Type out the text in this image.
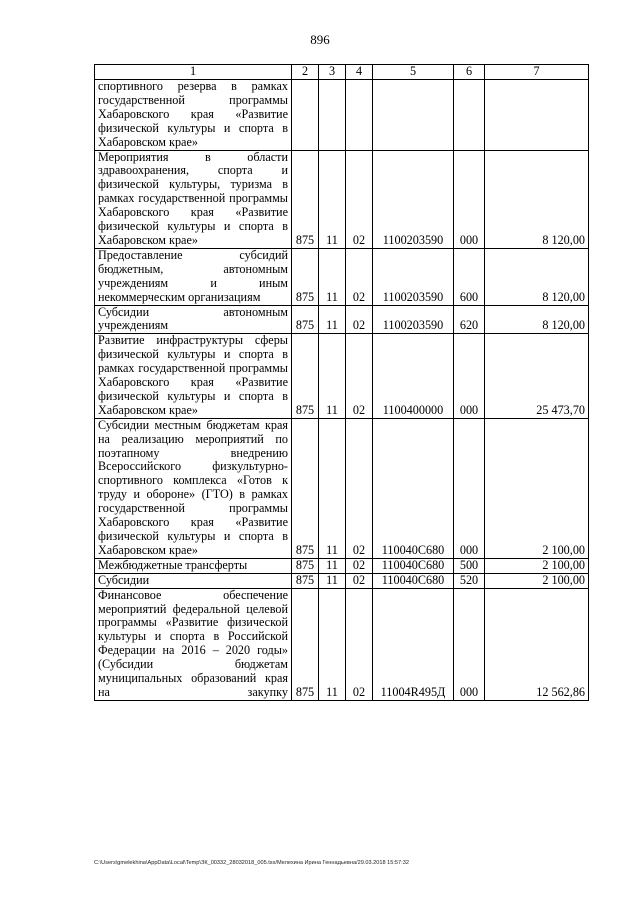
896
1	2	3	4	5	6	7
спортивного резерва в рамках государственной программы Хабаровского края «Развитие физической культуры и спорта в Хабаровском крае»						
Мероприятия в области здравоохранения, спорта и физической культуры, туризма в рамках государственной программы Хабаровского края «Развитие физической культуры и спорта в Хабаровском крае»	875	11	02	1100203590	000	8 120,00
Предоставление субсидий бюджетным, автономным учреждениям и иным некоммерческим организациям	875	11	02	1100203590	600	8 120,00
Субсидии автономным учреждениям	875	11	02	1100203590	620	8 120,00
Развитие инфраструктуры сферы физической культуры и спорта в рамках государственной программы Хабаровского края «Развитие физической культуры и спорта в Хабаровском крае»	875	11	02	1100400000	000	25 473,70
Субсидии местным бюджетам края на реализацию мероприятий по поэтапному внедрению Всероссийского физкультурно-спортивного комплекса «Готов к труду и обороне» (ГТО) в рамках государственной программы Хабаровского края «Развитие физической культуры и спорта в Хабаровском крае»	875	11	02	110040С680	000	2 100,00
Межбюджетные трансферты	875	11	02	110040С680	500	2 100,00
Субсидии	875	11	02	110040С680	520	2 100,00
Финансовое обеспечение мероприятий федеральной целевой программы «Развитие физической культуры и спорта в Российской Федерации на 2016 – 2020 годы» (Субсидии бюджетам муниципальных образований края на закупку	875	11	02	11004R495Д	000	12 562,86
C:\Users\gmelekhina\AppData\Local\Temp\ЗК_00332_28032018_005.tsx/Мелехина Ирина Геннадьевна/29.03.2018 15:57:32
